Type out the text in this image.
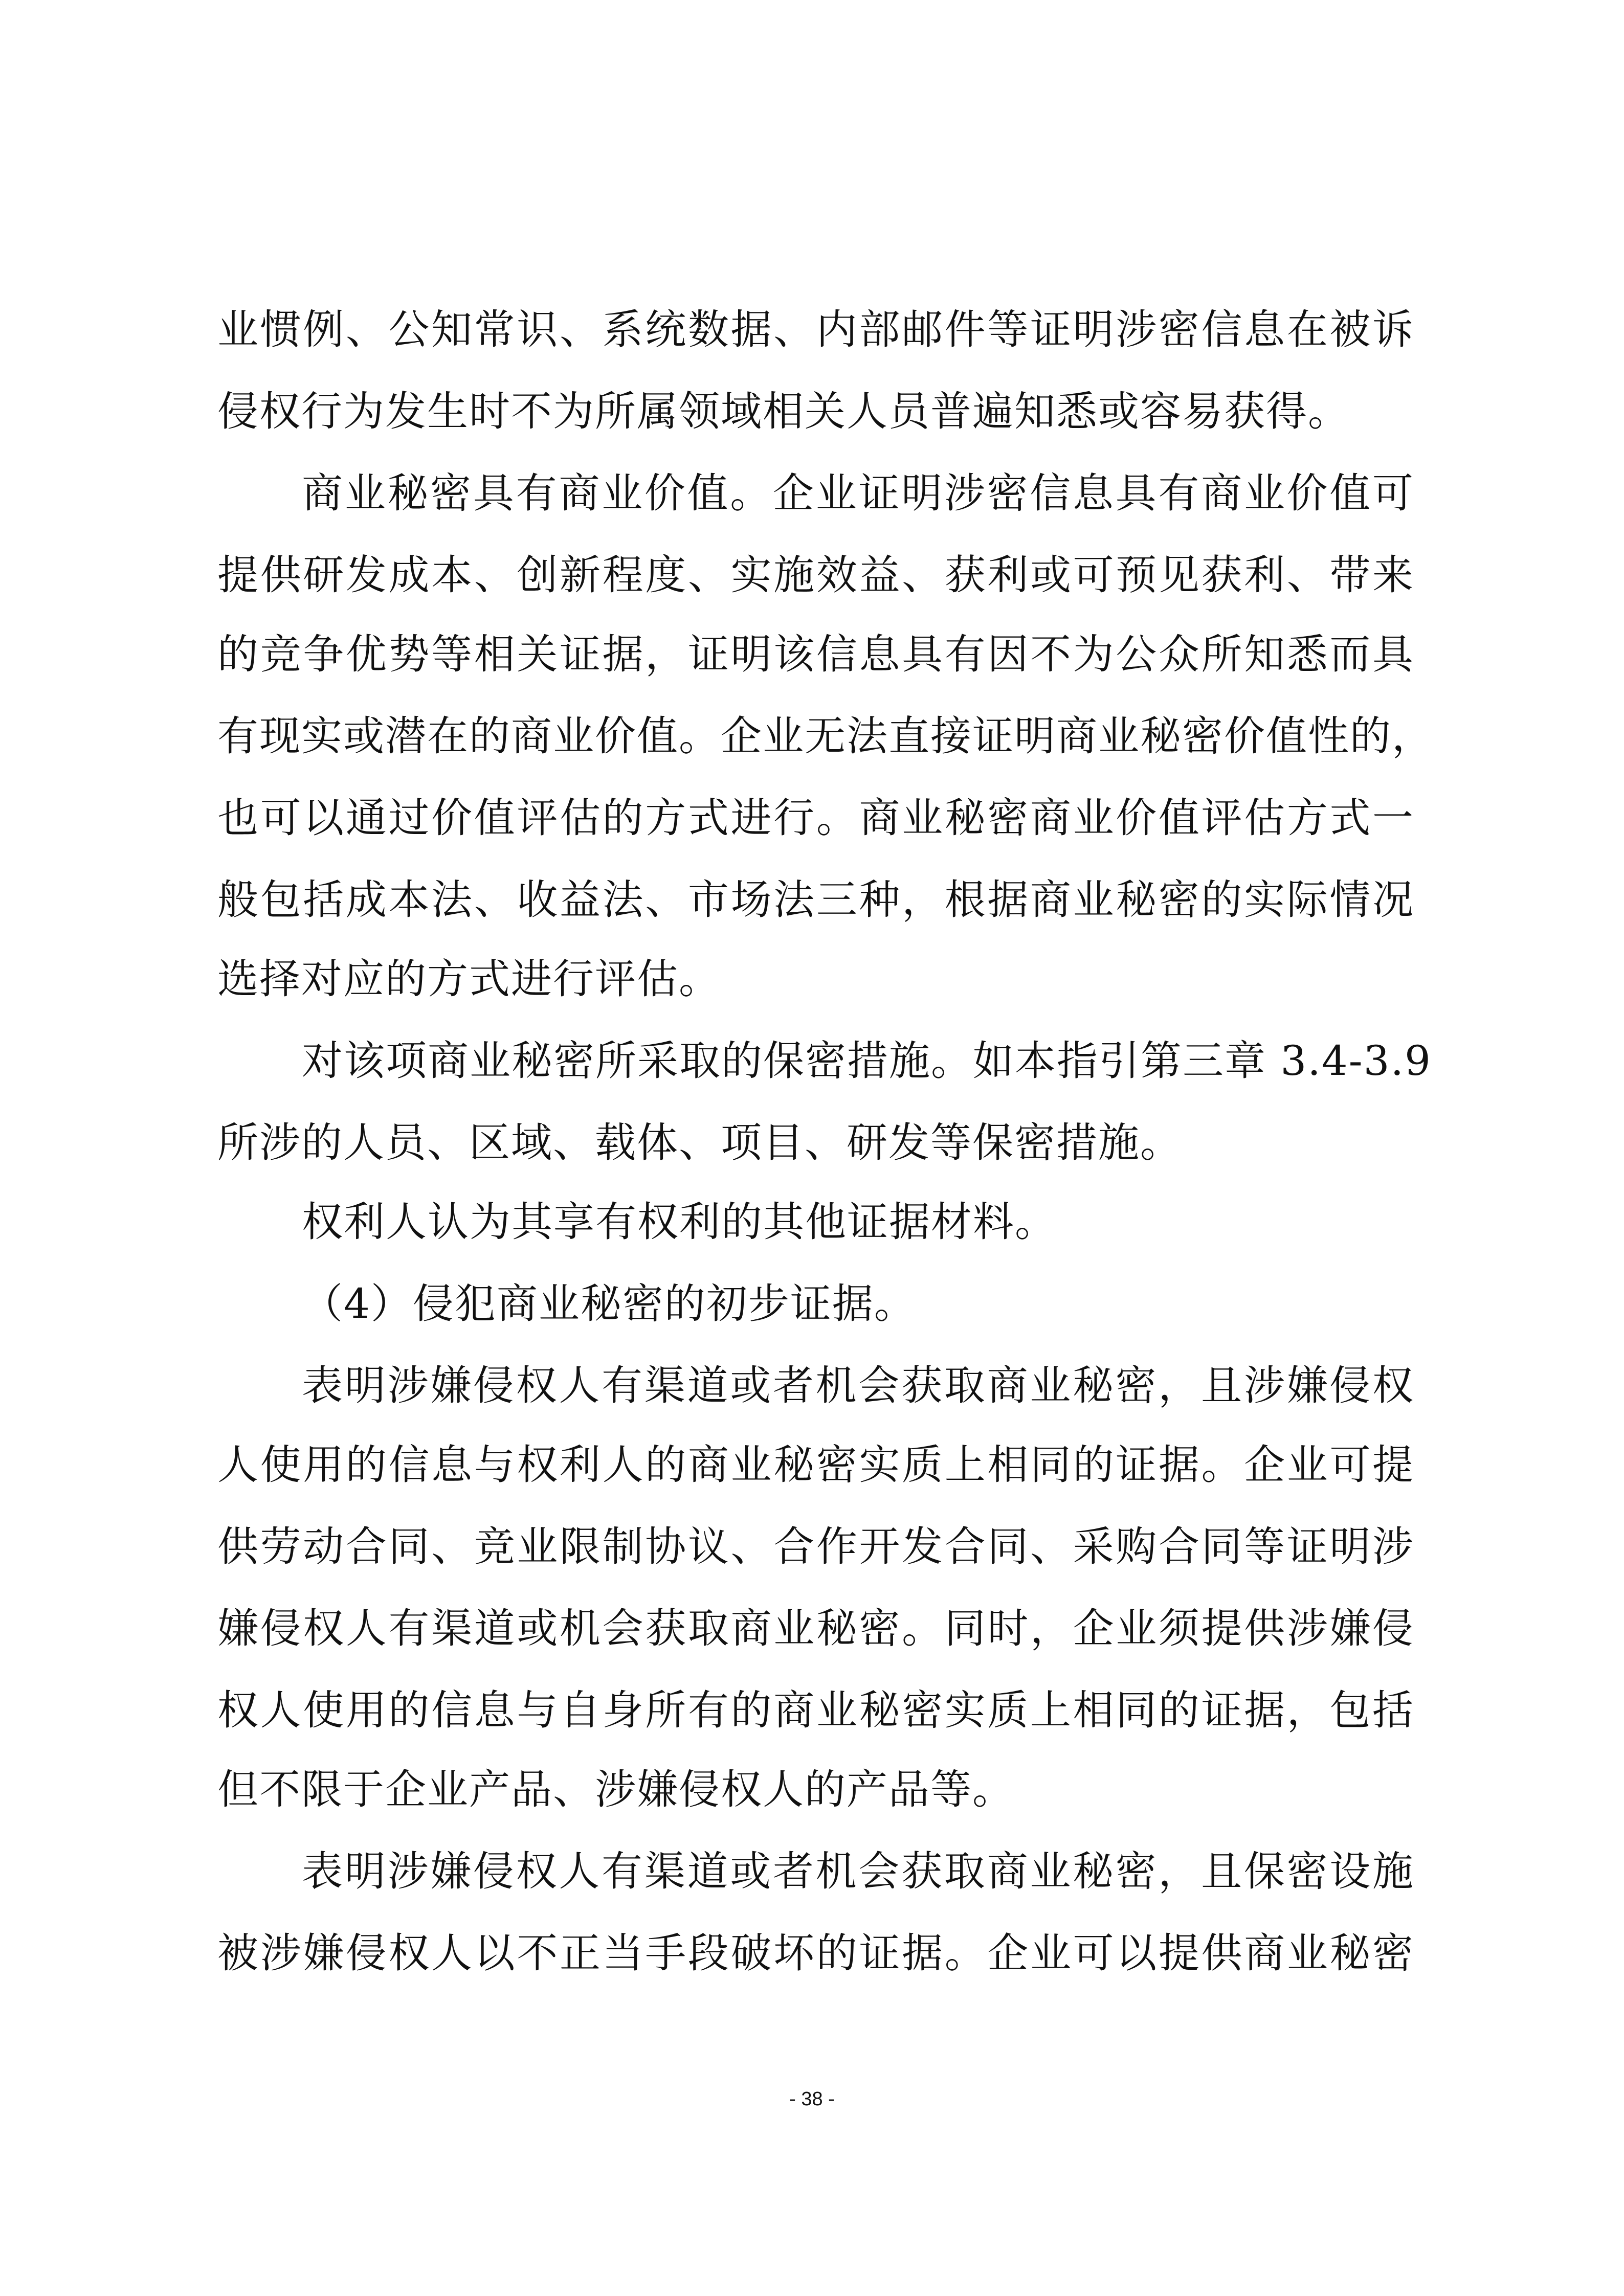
业惯例、公知常识、系统数据、内部邮件等证明涉密信息在被诉
侵权行为发生时不为所属领域相关人员普遍知悉或容易获得。
商业秘密具有商业价值。企业证明涉密信息具有商业价值可
提供研发成本、创新程度、实施效益、获利或可预见获利、带来
的竞争优势等相关证据，证明该信息具有因不为公众所知悉而具
有现实或潜在的商业价值。企业无法直接证明商业秘密价值性的，
也可以通过价值评估的方式进行。商业秘密商业价值评估方式一
般包括成本法、收益法、市场法三种，根据商业秘密的实际情况
选择对应的方式进行评估。
对该项商业秘密所采取的保密措施。如本指引第三章 3.4-3.9
所涉的人员、区域、载体、项目、研发等保密措施。
权利人认为其享有权利的其他证据材料。
（4）侵犯商业秘密的初步证据。
表明涉嫌侵权人有渠道或者机会获取商业秘密，且涉嫌侵权
人使用的信息与权利人的商业秘密实质上相同的证据。企业可提
供劳动合同、竞业限制协议、合作开发合同、采购合同等证明涉
嫌侵权人有渠道或机会获取商业秘密。同时，企业须提供涉嫌侵
权人使用的信息与自身所有的商业秘密实质上相同的证据，包括
但不限于企业产品、涉嫌侵权人的产品等。
表明涉嫌侵权人有渠道或者机会获取商业秘密，且保密设施
被涉嫌侵权人以不正当手段破坏的证据。企业可以提供商业秘密
- 38 -
